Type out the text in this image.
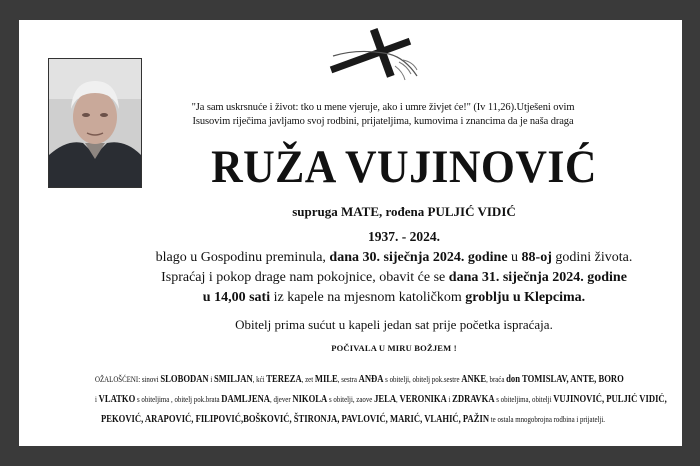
"Ja sam uskrsnuće i život: tko u mene vjeruje, ako i umre živjet će!" (Iv 11,26).Utješeni ovim
Isusovim riječima javljamo svoj rodbini, prijateljima, kumovima i znancima da je naša draga
RUŽA VUJINOVIĆ
supruga MATE, rođena PULJIĆ VIDIĆ
1937. - 2024.
blago u Gospodinu preminula, dana 30. siječnja 2024. godine u 88-oj godini života.
Ispraćaj i pokop drage nam pokojnice, obavit će se dana 31. siječnja 2024. godine
u 14,00 sati iz kapele na mjesnom katoličkom groblju u Klepcima.
Obitelj prima sućut u kapeli jedan sat prije početka ispraćaja.
POČIVALA U MIRU BOŽJEM !
OŽALOŠĆENI: sinovi SLOBODAN i SMILJAN, kći TEREZA, zet MILE, sestra ANĐA s obitelji, obitelj pok.sestre ANKE, braća don TOMISLAV, ANTE, BORO
i VLATKO s obiteljima , obitelj pok.brata DAMLJENA, djever NIKOLA s obitelji, zaove JELA, VERONIKA i ZDRAVKA s obiteljima, obitelji VUJINOVIĆ, PULJIĆ VIDIĆ,
PEKOVIĆ, ARAPOVIĆ, FILIPOVIĆ,BOŠKOVIĆ, ŠTIRONJA, PAVLOVIĆ, MARIĆ, VLAHIĆ, PAŽIN te ostala mnogobrojna rodbina i prijatelji.
